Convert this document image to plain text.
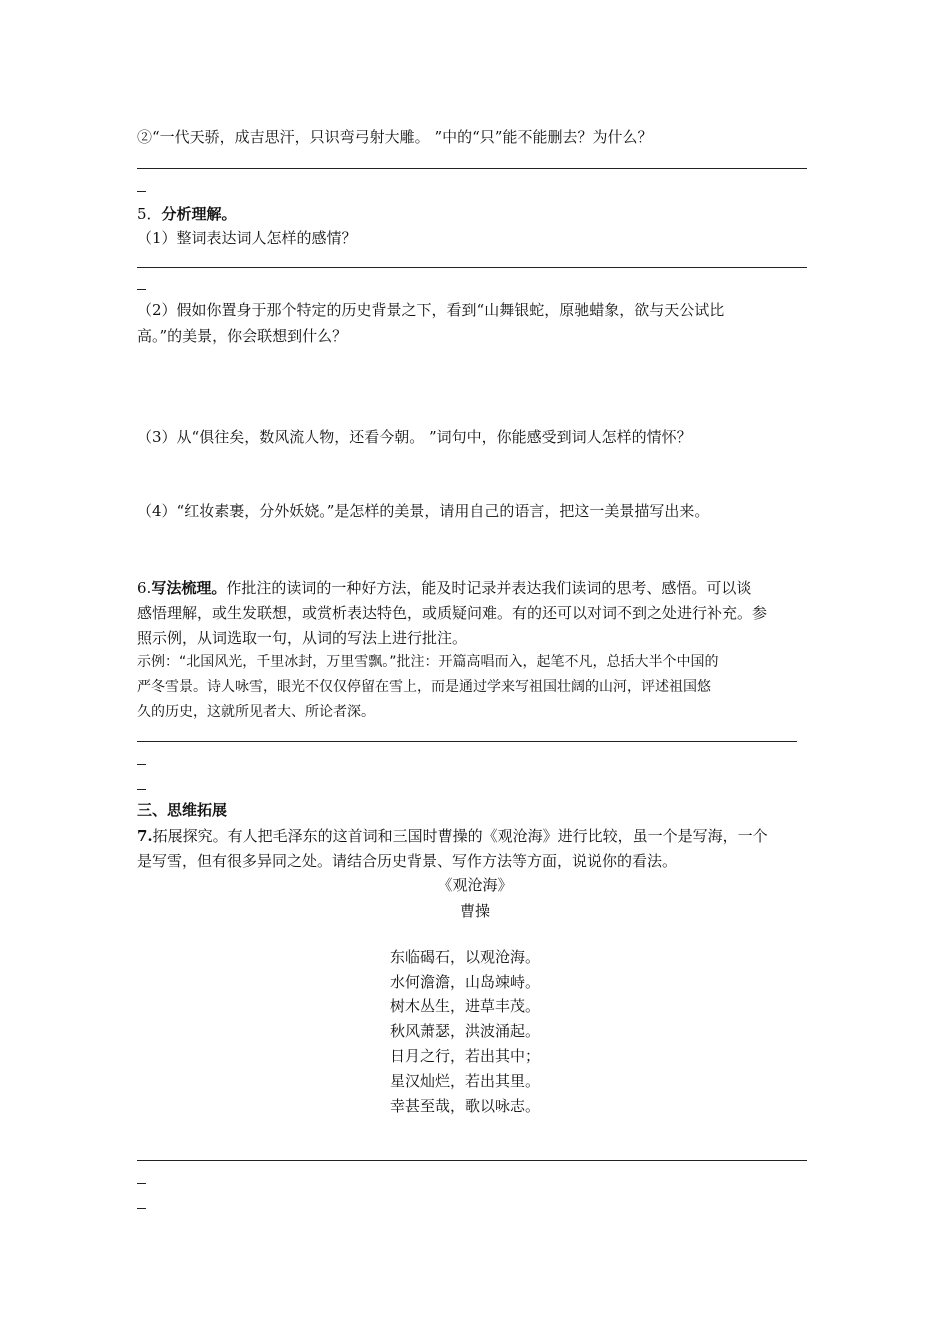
②“一代天骄，成吉思汗，只识弯弓射大雕。 ”中的“只”能不能删去？为什么？
5．分析理解。
（1）整词表达词人怎样的感情？
（2）假如你置身于那个特定的历史背景之下，看到“山舞银蛇，原驰蜡象，欲与天公试比
高。”的美景，你会联想到什么？
（3）从“俱往矣，数风流人物，还看今朝。 ”词句中，你能感受到词人怎样的情怀？
（4）“红妆素裹，分外妖娆。”是怎样的美景，请用自己的语言，把这一美景描写出来。
6.写法梳理。作批注的读词的一种好方法，能及时记录并表达我们读词的思考、感悟。可以谈
感悟理解，或生发联想，或赏析表达特色，或质疑问难。有的还可以对词不到之处进行补充。参
照示例，从词选取一句，从词的写法上进行批注。
示例：“北国风光，千里冰封，万里雪飘。”批注：开篇高唱而入，起笔不凡，总括大半个中国的
严冬雪景。诗人咏雪，眼光不仅仅停留在雪上，而是通过学来写祖国壮阔的山河，评述祖国悠
久的历史，这就所见者大、所论者深。
三、思维拓展
7.拓展探究。有人把毛泽东的这首词和三国时曹操的《观沧海》进行比较，虽一个是写海，一个
是写雪，但有很多异同之处。请结合历史背景、写作方法等方面，说说你的看法。
《观沧海》
曹操
东临碣石，以观沧海。
水何澹澹，山岛竦峙。
树木丛生，进草丰茂。
秋风萧瑟，洪波涌起。
日月之行，若出其中；
星汉灿烂，若出其里。
幸甚至哉，歌以咏志。
